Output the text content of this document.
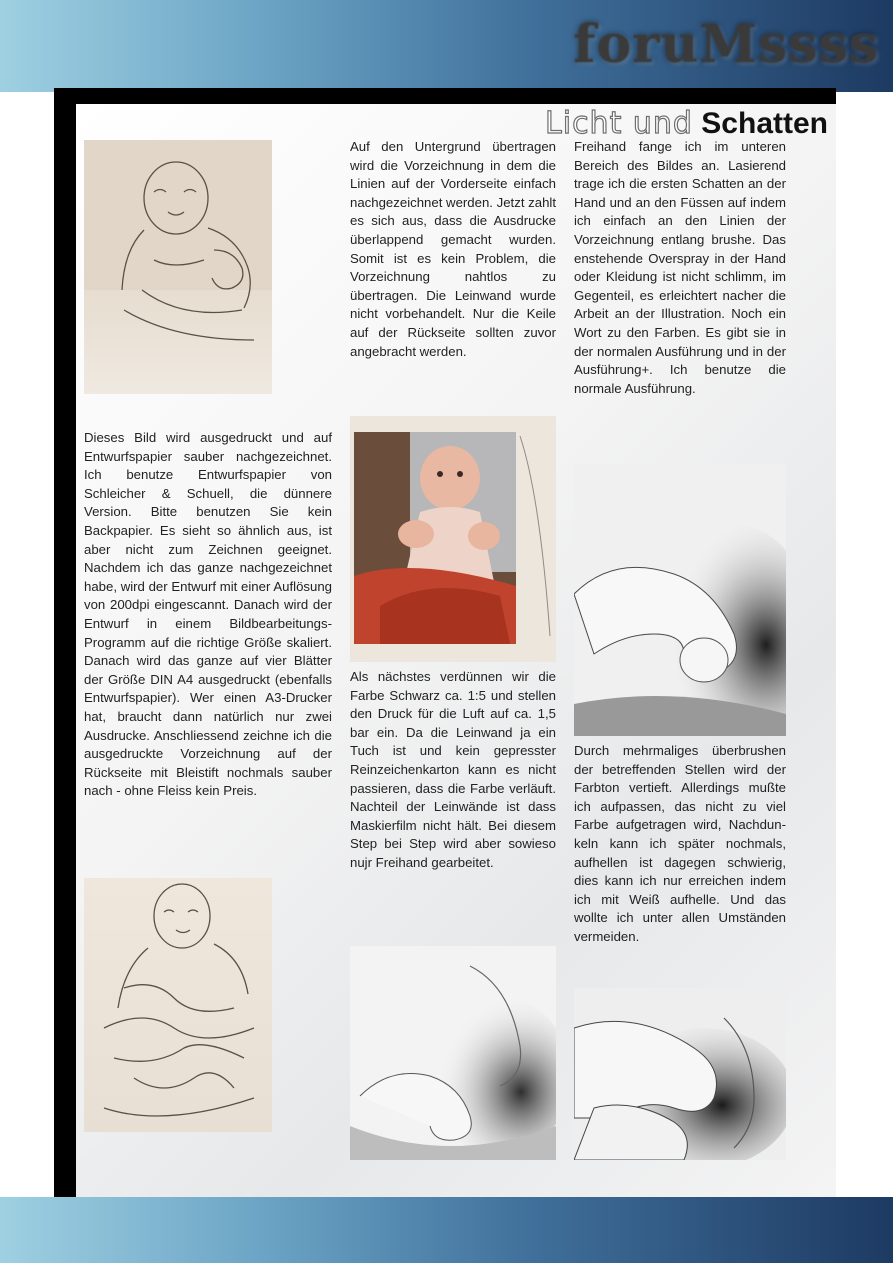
foruMssss
Licht und Schatten

Dieses Bild wird ausgedruckt und auf Entwurfspapier sauber nachgezeichnet. Ich benutze Entwurfspapier von Schleicher & Schuell, die dünnere Version. Bitte benutzen Sie kein Backpapier. Es sieht so ähnlich aus, ist aber nicht zum Zeichnen geeignet. Nachdem ich das ganze nachgezeichnet habe, wird der Entwurf mit einer Auflösung von 200dpi eingescannt. Danach wird der Entwurf in einem Bildbearbeitungs-Programm auf die richtige Größe skaliert. Danach wird das ganze auf vier Blätter der Größe DIN A4 ausgedruckt (ebenfalls Entwurfspapier). Wer einen A3-Drucker hat, braucht dann natürlich nur zwei Ausdrucke. Anschliessend zeichne ich die ausgedruckte Vorzeichnung auf der Rückseite mit Bleistift nochmals sauber nach - ohne Fleiss kein Preis.

Auf den Untergrund übertragen wird die Vorzeichnung in dem die Linien auf der Vorderseite einfach nachgezeichnet werden. Jetzt zahlt es sich aus, dass die Ausdrucke überlappend gemacht wurden. Somit ist es kein Problem, die Vorzeichnung nahtlos zu übertragen. Die Leinwand wurde nicht vorbehandelt. Nur die Keile auf der Rückseite sollten zuvor angebracht werden.

Als nächstes verdünnen wir die Farbe Schwarz ca. 1:5 und stellen den Druck für die Luft auf ca. 1,5 bar ein. Da die Leinwand ja ein Tuch ist und kein gepresster Reinzeichenkarton kann es nicht passieren, dass die Farbe verläuft. Nachteil der Leinwände ist dass Maskierfilm nicht hält. Bei diesem Step bei Step wird aber sowieso nujr Freihand gearbeitet.

Freihand fange ich im unteren Bereich des Bildes an. Lasierend trage ich die ersten Schatten an der Hand und an den Füssen auf indem ich einfach an den Linien der Vorzeichnung entlang brushe. Das enstehende Overspray in der Hand oder Kleidung ist nicht schlimm, im Gegenteil, es erleichtert nacher die Arbeit an der Illustration. Noch ein Wort zu den Farben. Es gibt sie in der normalen Ausführung und in der Ausführung+. Ich benutze die normale Ausführung.

Durch mehrmaliges überbrushen der betreffenden Stellen wird der Farbton vertieft. Allerdings mußte ich aufpassen, das nicht zu viel Farbe aufgetragen wird, Nachdunkeln kann ich später nochmals, aufhellen ist dagegen schwierig, dies kann ich nur erreichen indem ich mit Weiß aufhelle. Und das wollte ich unter allen Umständen vermeiden.
